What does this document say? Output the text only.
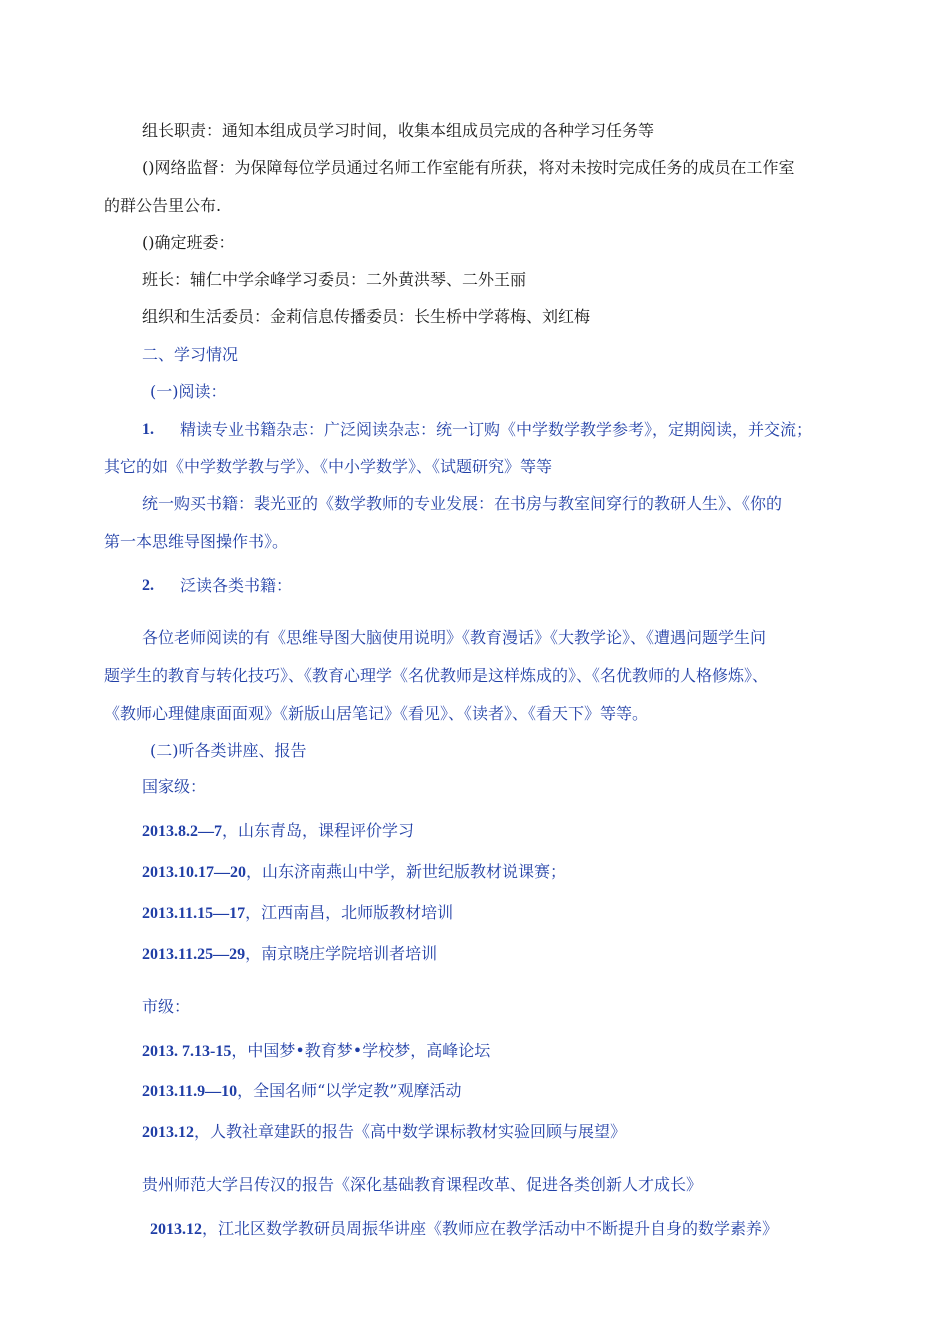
组长职责：通知本组成员学习时间，收集本组成员完成的各种学习任务等
()网络监督：为保障每位学员通过名师工作室能有所获，将对未按时完成任务的成员在工作室
的群公告里公布.
()确定班委：
班长：辅仁中学余峰学习委员：二外黄洪琴、二外王丽
组织和生活委员：金莉信息传播委员：长生桥中学蒋梅、刘红梅
二、学习情况
(一)阅读：
1. 精读专业书籍杂志：广泛阅读杂志：统一订购《中学数学教学参考》，定期阅读，并交流；
其它的如《中学数学教与学》、《中小学数学》、《试题研究》等等
统一购买书籍：裴光亚的《数学教师的专业发展：在书房与教室间穿行的教研人生》、《你的
第一本思维导图操作书》。
2. 泛读各类书籍：
各位老师阅读的有《思维导图大脑使用说明》《教育漫话》《大教学论》、《遭遇问题学生问
题学生的教育与转化技巧》、《教育心理学《名优教师是这样炼成的》、《名优教师的人格修炼》、
《教师心理健康面面观》《新版山居笔记》《看见》、《读者》、《看天下》等等。
(二)听各类讲座、报告
国家级：
2013.8.2—7，山东青岛，课程评价学习
2013.10.17—20，山东济南燕山中学，新世纪版教材说课赛；
2013.11.15—17，江西南昌，北师版教材培训
2013.11.25—29，南京晓庄学院培训者培训
市级：
2013. 7.13-15，中国梦•教育梦•学校梦，高峰论坛
2013.11.9—10，全国名师“以学定教”观摩活动
2013.12，人教社章建跃的报告《高中数学课标教材实验回顾与展望》
贵州师范大学吕传汉的报告《深化基础教育课程改革、促进各类创新人才成长》
2013.12，江北区数学教研员周振华讲座《教师应在教学活动中不断提升自身的数学素养》
